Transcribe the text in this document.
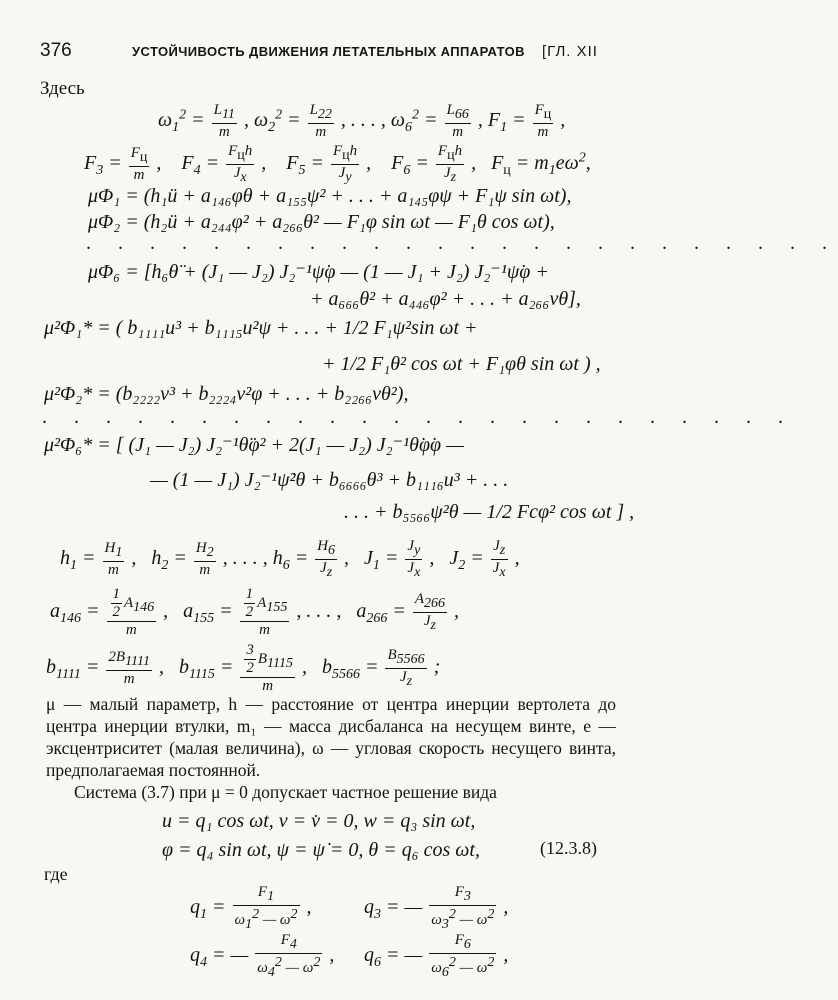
376	УСТОЙЧИВОСТЬ ДВИЖЕНИЯ ЛЕТАТЕЛЬНЫХ АППАРАТОВ [ГЛ. XII
Здесь
$\omega_1^2 = \frac{L_{11}}{m}$ , $\omega_2^2 = \frac{L_{22}}{m}$ , . . . , $\omega_6^2 = \frac{L_{66}}{m}$ , $F_1 = F_ц$
m
,
$F_3 = F_ц$
m
,    $F_4$ =
$F_цh$
$J_x$
,    $F_5$ =
$F_цh$
$J_y$
,    $F_6$ =
$F_цh$
$J_z$
,   $F_ц = m_1e\omega^2$,
μΦ₁ = (h₁ü + a₁₄₆φθ + a₁₅₅ψ² + . . . + a₁₄₅φψ + F₁ψ sin ωt),
μΦ₂ = (h₂ü + a₂₄₄φ² + a₂₆₆θ² — F₁φ sin ωt — F₁θ cos ωt),
. . . . . . . . . . . . . . . . . . . . . . . .
μΦ₆ = [h₆θ̈ + (J₁ — J₂) J₂⁻¹ψ̇φ — (1 — J₁ + J₂) J₂⁻¹ψ̇φ +
+ a₆₆₆θ² + a₄₄₆φ² + . . . + a₂₆₆vθ],
μ²Φ₁* = ( b₁₁₁₁u³ + b₁₁₁₅u²ψ + . . . + 1/2 F₁ψ²sin ωt +
+ 1/2 F₁θ² cos ωt + F₁φθ sin ωt ) ,
μ²Φ₂* = (b₂₂₂₂v³ + b₂₂₂₄v²φ + . . . + b₂₂₆₆vθ²),
. . . . . . . . . . . . . . . . . . . . . . . .
μ²Φ₆* = [ (J₁ — J₂) J₂⁻¹θ̈φ² + 2(J₁ — J₂) J₂⁻¹θ̇φ̇φ —
— (1 — J₁) J₂⁻¹ψ̇²θ + b₆₆₆₆θ³ + b₁₁₁₆u³ + . . .
. . . + b₅₅₆₆ψ²θ — 1/2 Fcφ² cos ωt ] ,
$h_1 = \frac{H_1}{m}$ ,   $h_2 = \frac{H_2}{m}$ , . . . , $h_6 = \frac{H_6}{J_z}$ ,   $J_1 = \frac{J_y}{J_x}$ ,   $J_2 = \frac{J_z}{J_x}$ ,
$a_{146} = \frac{\frac{1}{2} A_{146}}{m}$ ,   $a_{155} = \frac{\frac{1}{2} A_{155}}{m}$ , . . . ,   $a_{266} = \frac{A_{266}}{J_z}$ ,
$b_{1111} = \frac{2B_{1111}}{m}$ ,   $b_{1115} = \frac{\frac{3}{2} B_{1115}}{m}$ ,   $b_{5566} = \frac{B_{5566}}{J_z}$ ;
μ — малый параметр, h — расстояние от центра инерции вертолета до центра инерции втулки, m₁ — масса дисбаланса на несущем винте, e — эксцентриситет (малая величина), ω — угловая скорость несущего винта, предполагаемая постоянной.
Система (3.7) при μ = 0 допускает частное решение вида
u = q₁ cos ωt, v = v̇ = 0, w = q₃ sin ωt,
φ = q₄ sin ωt, ψ = ψ̇ = 0, θ = q₆ cos ωt,	(12.3.8)
где
$q_1 = \frac{F_1}{\omega_1^2 — \omega^2}$ ,	$q_3$ = — $\frac{F_3}{\omega_3^2 — \omega^2}$ ,
$q_4$ = — $\frac{F_4}{\omega_4^2 — \omega^2}$ , $q_6$ = — $\frac{F_6}{\omega_6^2 — \omega^2}$ ,
